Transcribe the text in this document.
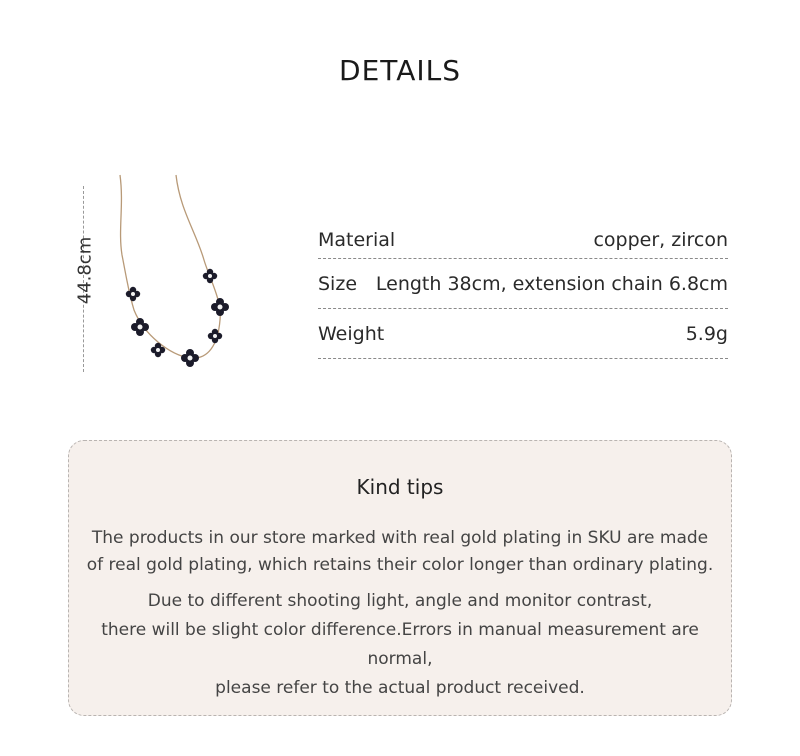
DETAILS
44.8cm	Material	copper, zircon
Size Length 38cm, extension chain 6.8cm
Weight	5.9g
Kind tips
The products in our store marked with real gold plating in SKU are made
of real gold plating, which retains their color longer than ordinary plating.
Due to different shooting light, angle and monitor contrast,
there will be slight color difference.Errors in manual measurement are normal,
please refer to the actual product received.
